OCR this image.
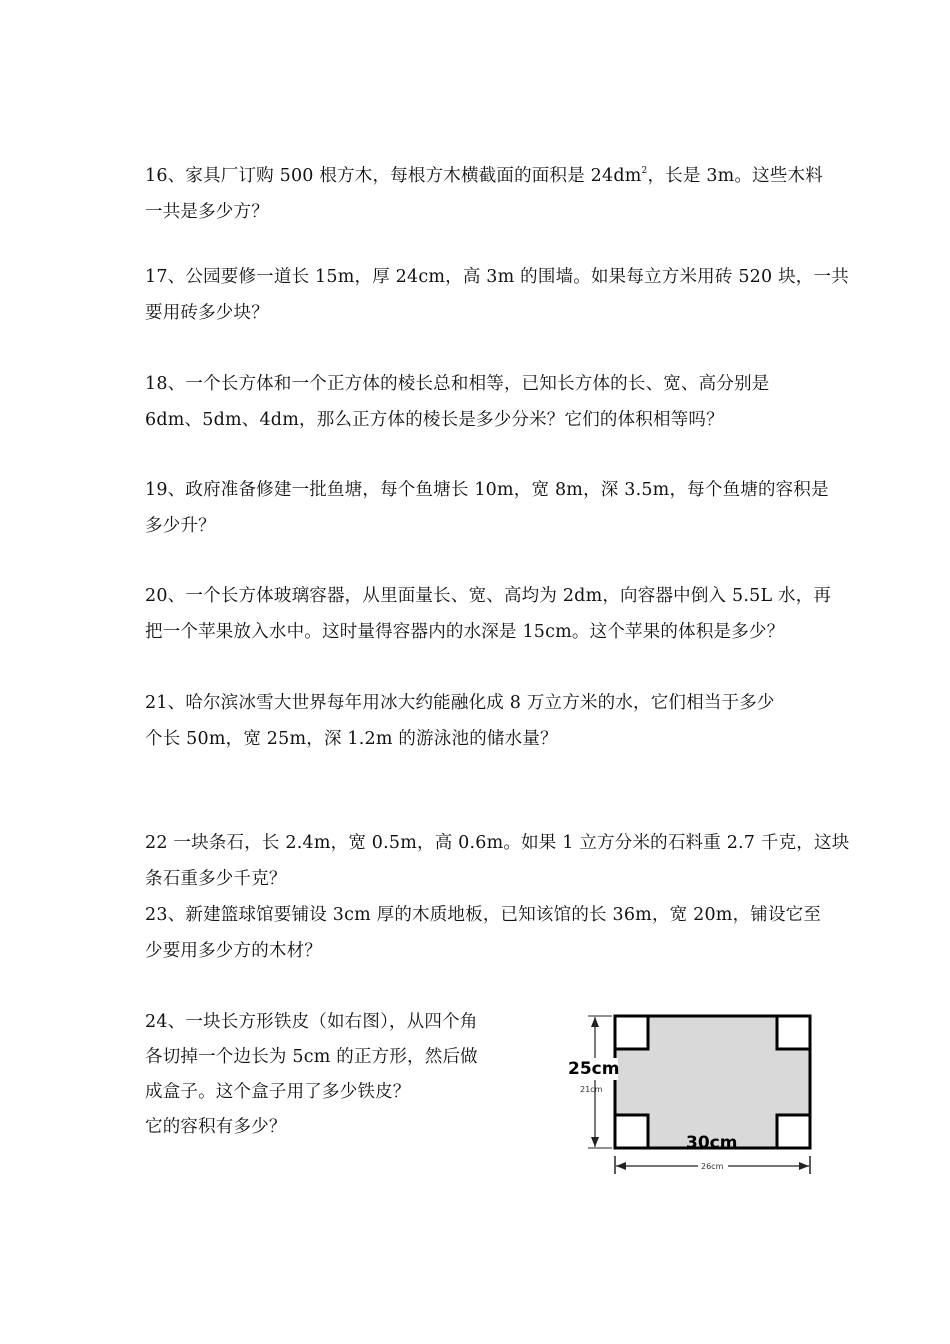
16、家具厂订购 500 根方木，每根方木横截面的面积是 $24dm^2$，长是 3m。这些木料
一共是多少方？
17、公园要修一道长 15m，厚 24cm，高 3m 的围墙。如果每立方米用砖 520 块，一共
要用砖多少块？
18、一个长方体和一个正方体的棱长总和相等，已知长方体的长、宽、高分别是
6dm、5dm、4dm，那么正方体的棱长是多少分米？它们的体积相等吗？
19、政府准备修建一批鱼塘，每个鱼塘长 10m，宽 8m，深 3.5m，每个鱼塘的容积是
多少升？
20、一个长方体玻璃容器，从里面量长、宽、高均为 2dm，向容器中倒入 5.5L 水，再
把一个苹果放入水中。这时量得容器内的水深是 15cm。这个苹果的体积是多少？
21、哈尔滨冰雪大世界每年用冰大约能融化成 8 万立方米的水，它们相当于多少
个长 50m，宽 25m，深 1.2m 的游泳池的储水量？
22 一块条石，长 2.4m，宽 0.5m，高 0.6m。如果 1 立方分米的石料重 2.7 千克，这块
条石重多少千克？
23、新建篮球馆要铺设 3cm 厚的木质地板，已知该馆的长 36m，宽 20m，铺设它至
少要用多少方的木材？
24、一块长方形铁皮（如右图），从四个角
各切掉一个边长为 5cm 的正方形，然后做
成盒子。这个盒子用了多少铁皮？
它的容积有多少？
25cm
21cm
30cm
26cm
